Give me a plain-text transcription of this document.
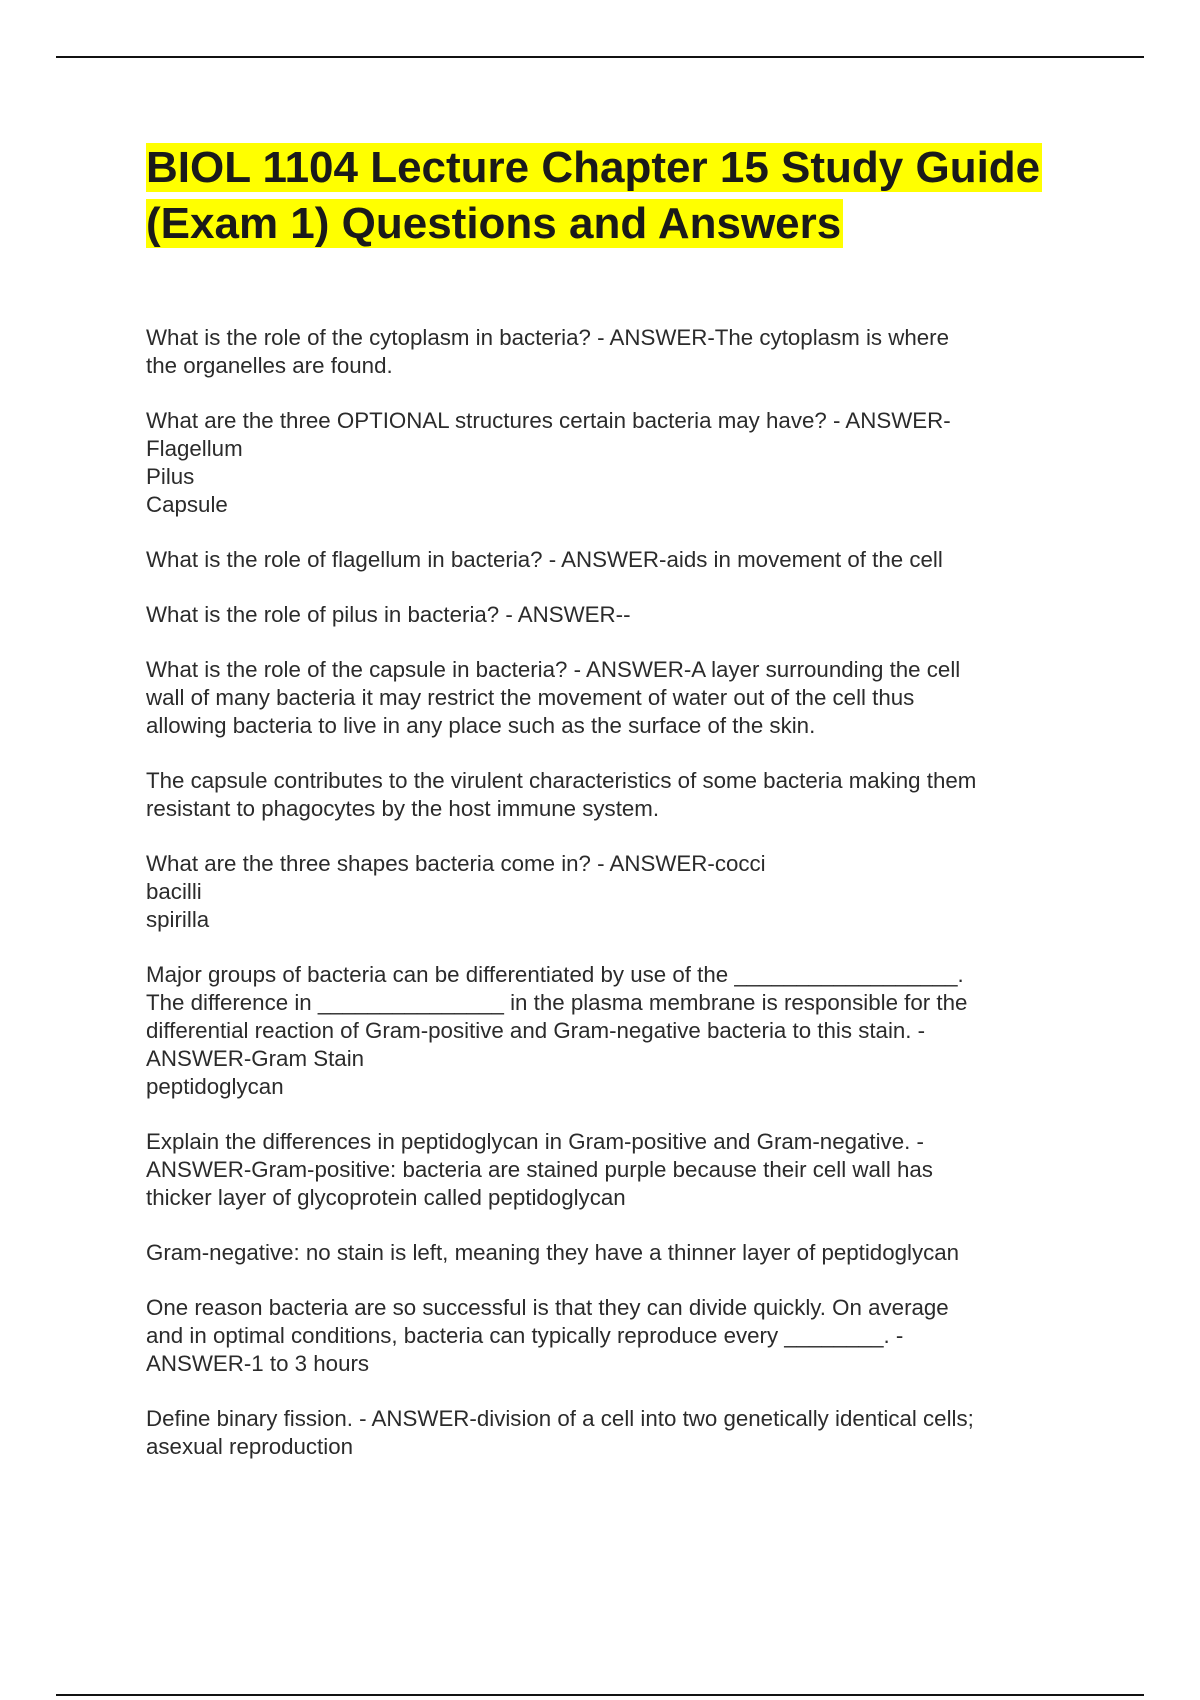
BIOL 1104 Lecture Chapter 15 Study Guide (Exam 1) Questions and Answers

What is the role of the cytoplasm in bacteria? - ANSWER-The cytoplasm is where
the organelles are found.

What are the three OPTIONAL structures certain bacteria may have? - ANSWER-
Flagellum
Pilus
Capsule

What is the role of flagellum in bacteria? - ANSWER-aids in movement of the cell

What is the role of pilus in bacteria? - ANSWER--

What is the role of the capsule in bacteria? - ANSWER-A layer surrounding the cell
wall of many bacteria it may restrict the movement of water out of the cell thus
allowing bacteria to live in any place such as the surface of the skin.

The capsule contributes to the virulent characteristics of some bacteria making them
resistant to phagocytes by the host immune system.

What are the three shapes bacteria come in? - ANSWER-cocci
bacilli
spirilla

Major groups of bacteria can be differentiated by use of the __________________.
The difference in _______________ in the plasma membrane is responsible for the
differential reaction of Gram-positive and Gram-negative bacteria to this stain. -
ANSWER-Gram Stain
peptidoglycan

Explain the differences in peptidoglycan in Gram-positive and Gram-negative. -
ANSWER-Gram-positive: bacteria are stained purple because their cell wall has
thicker layer of glycoprotein called peptidoglycan

Gram-negative: no stain is left, meaning they have a thinner layer of peptidoglycan

One reason bacteria are so successful is that they can divide quickly. On average
and in optimal conditions, bacteria can typically reproduce every ________. -
ANSWER-1 to 3 hours

Define binary fission. - ANSWER-division of a cell into two genetically identical cells;
asexual reproduction
